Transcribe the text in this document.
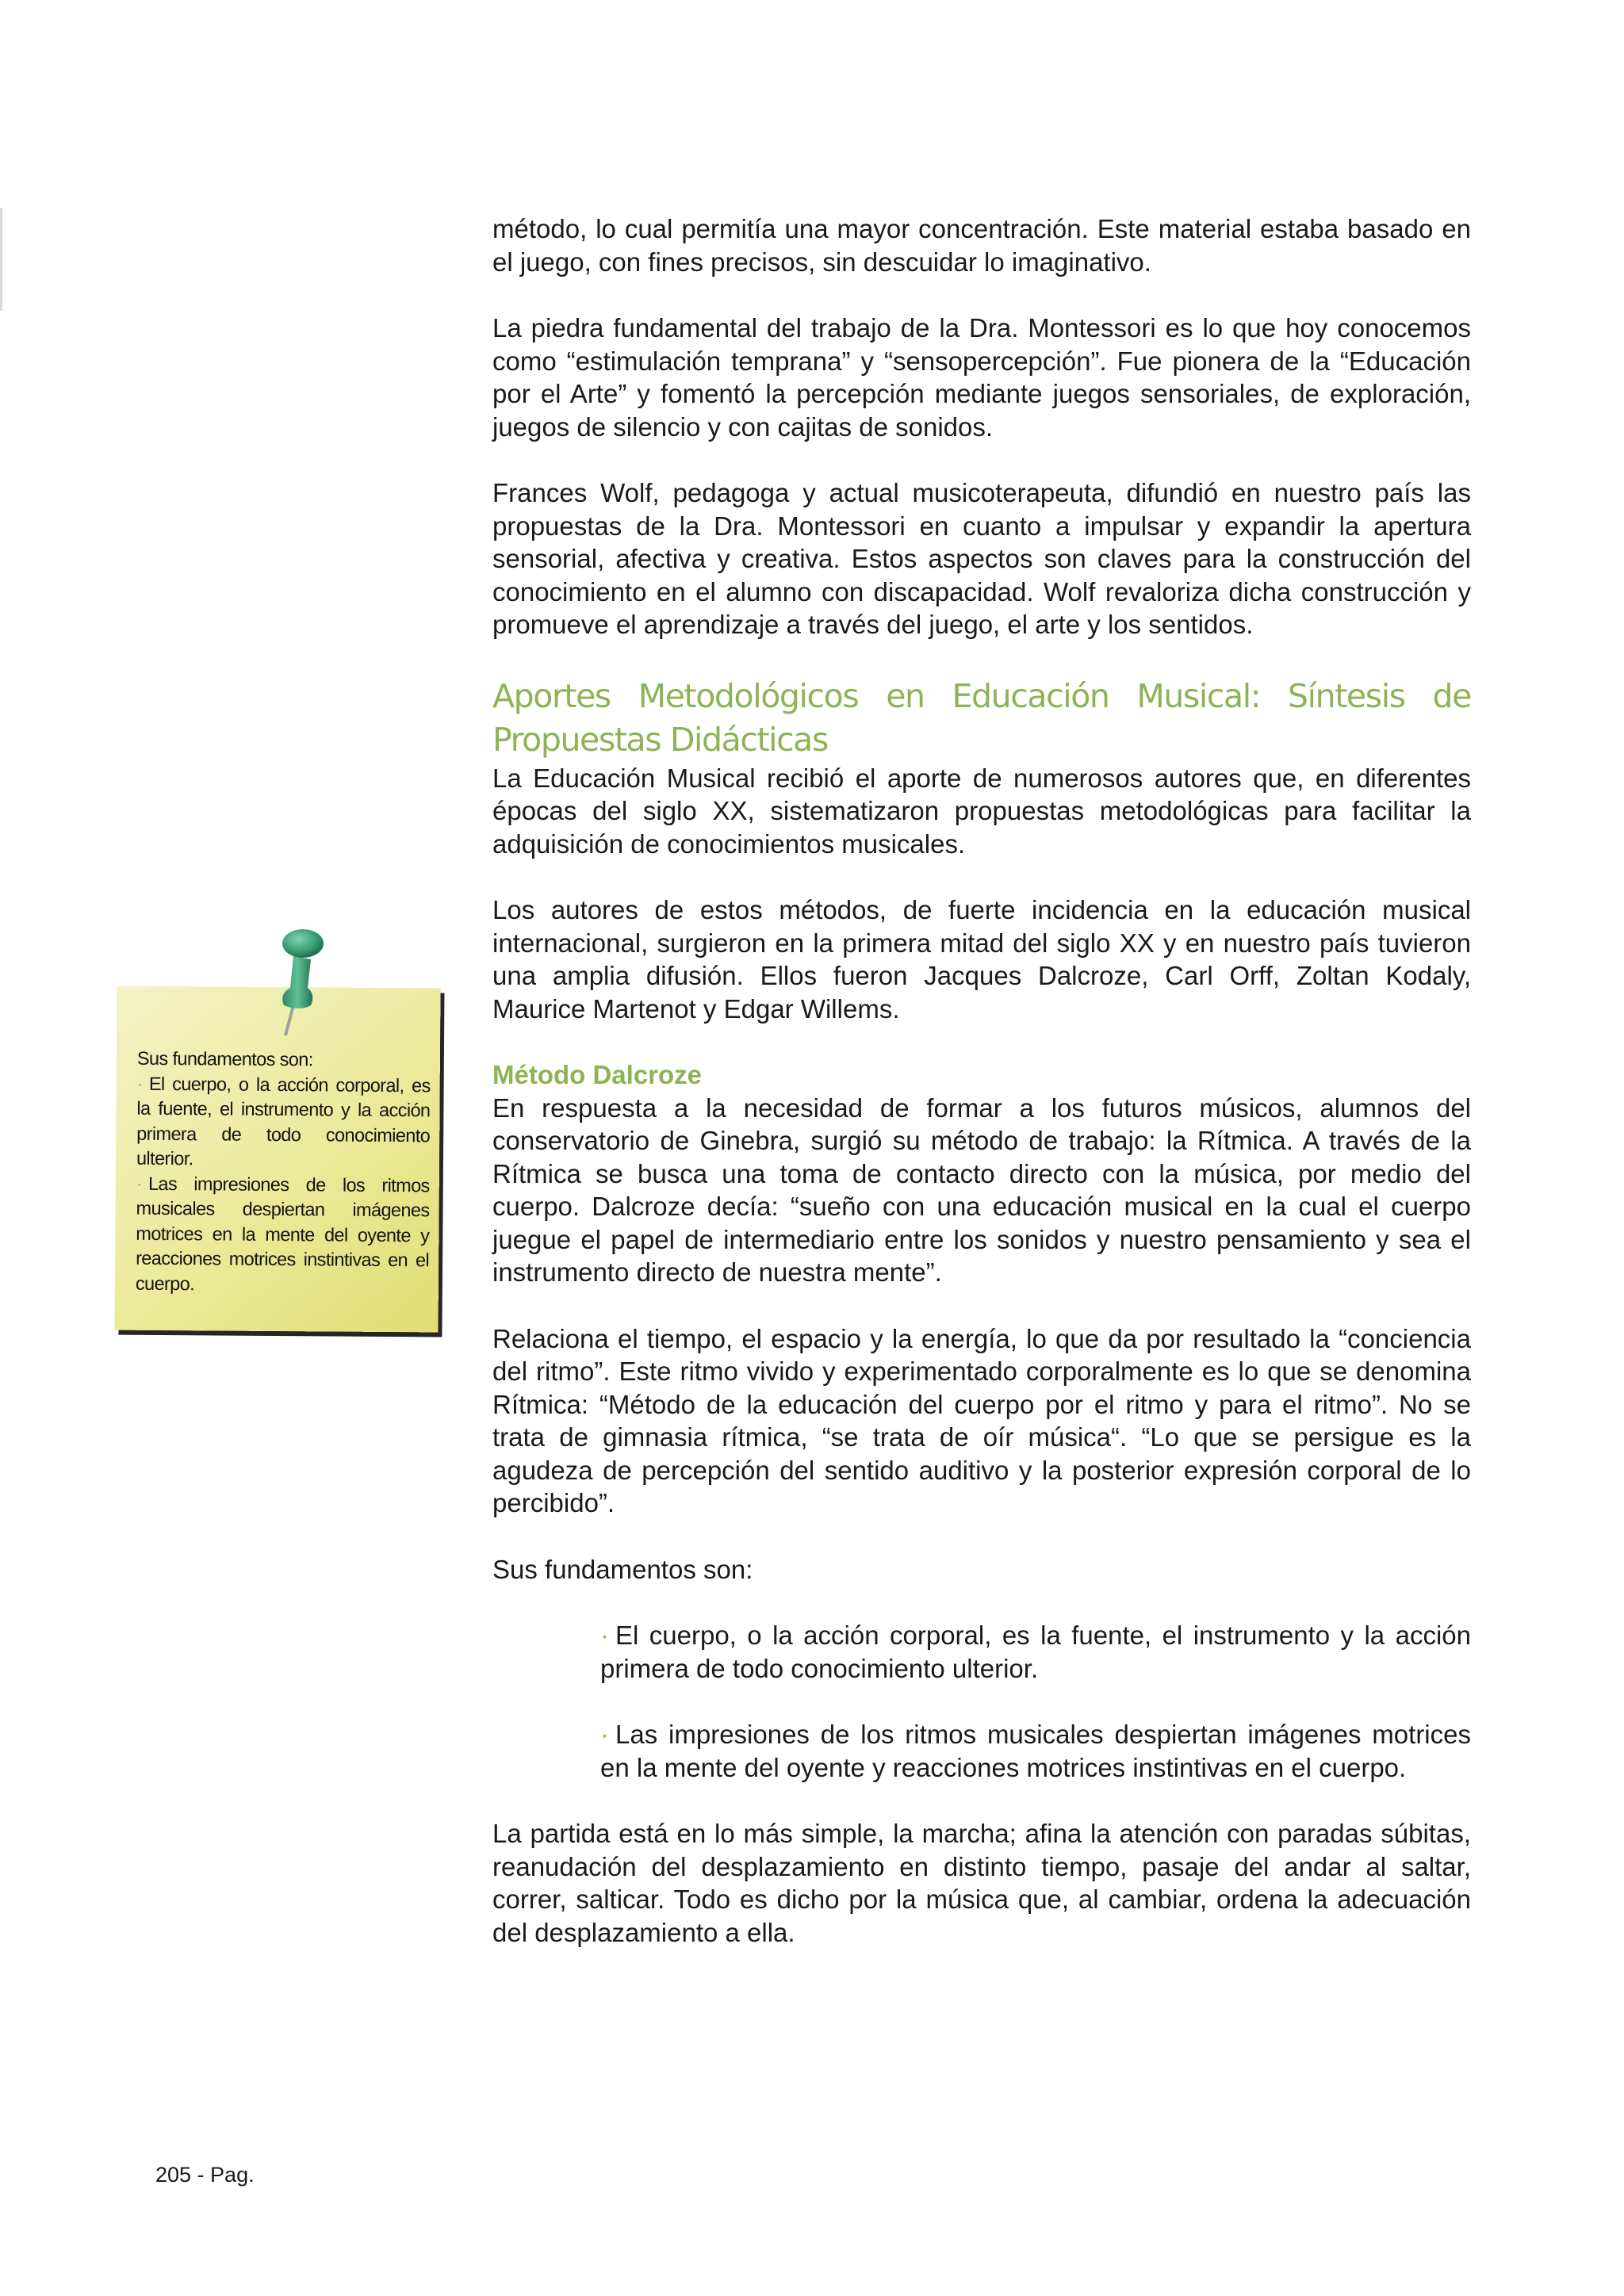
método, lo cual permitía una mayor concentración. Este material estaba basado en el juego, con fines precisos, sin descuidar lo imaginativo.

La piedra fundamental del trabajo de la Dra. Montessori es lo que hoy conocemos como “estimulación temprana” y “sensopercepción”. Fue pionera de la “Educación por el Arte” y fomentó la percepción mediante juegos sensoriales, de exploración, juegos de silencio y con cajitas de sonidos.

Frances Wolf, pedagoga y actual musicoterapeuta, difundió en nuestro país las propuestas de la Dra. Montessori en cuanto a impulsar y expandir la apertura sensorial, afectiva y creativa. Estos aspectos son claves para la construcción del conocimiento en el alumno con discapacidad. Wolf revaloriza dicha construcción y promueve el aprendizaje a través del juego, el arte y los sentidos.

Aportes Metodológicos en Educación Musical: Síntesis de Propuestas Didácticas

La Educación Musical recibió el aporte de numerosos autores que, en diferentes épocas del siglo XX, sistematizaron propuestas metodológicas para facilitar la adquisición de conocimientos musicales.

Los autores de estos métodos, de fuerte incidencia en la educación musical internacional, surgieron en la primera mitad del siglo XX y en nuestro país tuvieron una amplia difusión. Ellos fueron Jacques Dalcroze, Carl Orff, Zoltan Kodaly, Maurice Martenot y Edgar Willems.

Método Dalcroze

En respuesta a la necesidad de formar a los futuros músicos, alumnos del conservatorio de Ginebra, surgió su método de trabajo: la Rítmica. A través de la Rítmica se busca una toma de contacto directo con la música, por medio del cuerpo. Dalcroze decía: “sueño con una educación musical en la cual el cuerpo juegue el papel de intermediario entre los sonidos y nuestro pensamiento y sea el instrumento directo de nuestra mente”.

Relaciona el tiempo, el espacio y la energía, lo que da por resultado la “conciencia del ritmo”. Este ritmo vivido y experimentado corporalmente es lo que se denomina Rítmica: “Método de la educación del cuerpo por el ritmo y para el ritmo”. No se trata de gimnasia rítmica, “se trata de oír música“. “Lo que se persigue es la agudeza de percepción del sentido auditivo y la posterior expresión corporal de lo percibido”.

Sus fundamentos son:

· El cuerpo, o la acción corporal, es la fuente, el instrumento y la acción primera de todo conocimiento ulterior.
· Las impresiones de los ritmos musicales despiertan imágenes motrices en la mente del oyente y reacciones motrices instintivas en el cuerpo.

La partida está en lo más simple, la marcha; afina la atención con paradas súbitas, reanudación del desplazamiento en distinto tiempo, pasaje del andar al saltar, correr, salticar. Todo es dicho por la música que, al cambiar, ordena la adecuación del desplazamiento a ella.

Sus fundamentos son:
· El cuerpo, o la acción corporal, es la fuente, el instrumento y la acción primera de todo conocimiento ulterior.
· Las impresiones de los ritmos musicales despiertan imágenes motrices en la mente del oyente y reacciones motrices instintivas en el cuerpo.
205 - Pag.
